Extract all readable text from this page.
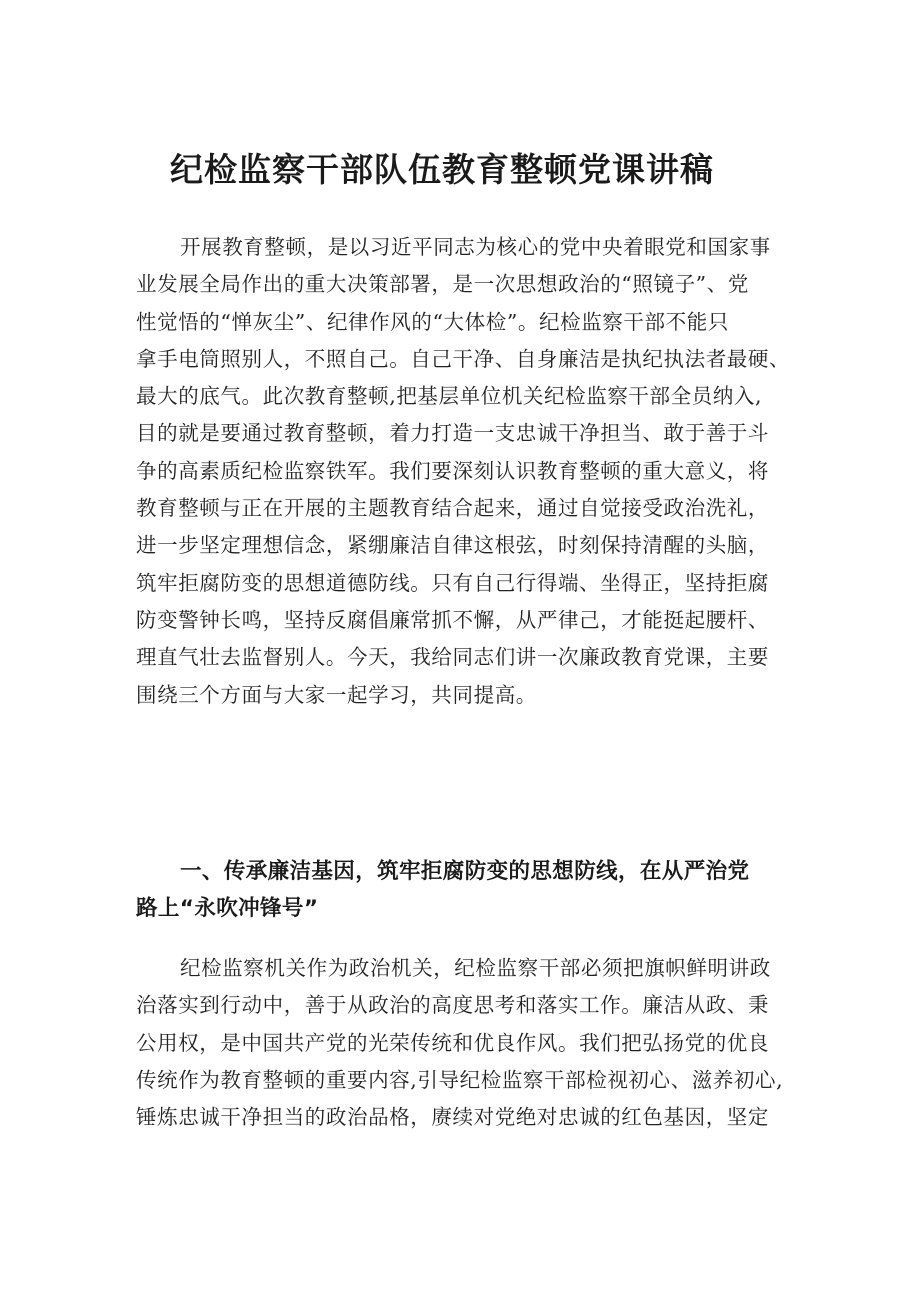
纪检监察干部队伍教育整顿党课讲稿
开展教育整顿，是以习近平同志为核心的党中央着眼党和国家事
业发展全局作出的重大决策部署，是一次思想政治的“照镜子”、党
性觉悟的“惮灰尘”、纪律作风的“大体检”。纪检监察干部不能只
拿手电筒照别人，不照自己。自己干净、自身廉洁是执纪执法者最硬、
最大的底气。此次教育整顿,把基层单位机关纪检监察干部全员纳入,
目的就是要通过教育整顿，着力打造一支忠诚干净担当、敢于善于斗
争的高素质纪检监察铁军。我们要深刻认识教育整顿的重大意义，将
教育整顿与正在开展的主题教育结合起来，通过自觉接受政治洗礼，
进一步坚定理想信念，紧绷廉洁自律这根弦，时刻保持清醒的头脑，
筑牢拒腐防变的思想道德防线。只有自己行得端、坐得正，坚持拒腐
防变警钟长鸣，坚持反腐倡廉常抓不懈，从严律己，才能挺起腰杆、
理直气壮去监督别人。今天，我给同志们讲一次廉政教育党课，主要
围绕三个方面与大家一起学习，共同提高。
一、传承廉洁基因，筑牢拒腐防变的思想防线，在从严治党
路上“永吹冲锋号”
纪检监察机关作为政治机关，纪检监察干部必须把旗帜鲜明讲政
治落实到行动中，善于从政治的高度思考和落实工作。廉洁从政、秉
公用权，是中国共产党的光荣传统和优良作风。我们把弘扬党的优良
传统作为教育整顿的重要内容,引导纪检监察干部检视初心、滋养初心,
锤炼忠诚干净担当的政治品格，赓续对党绝对忠诚的红色基因，坚定
